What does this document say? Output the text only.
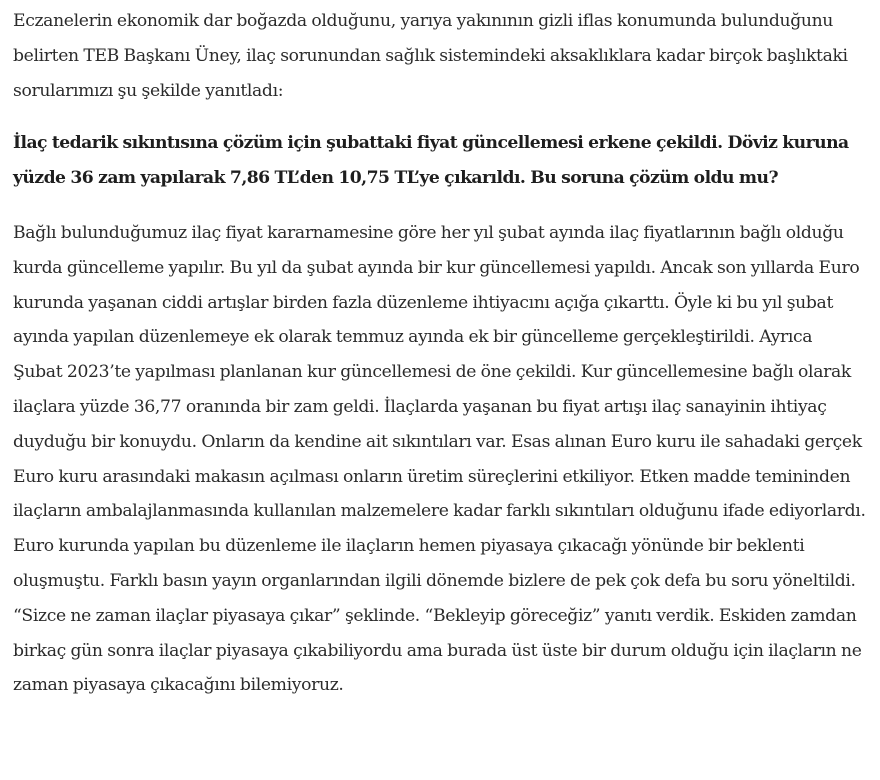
Eczanelerin ekonomik dar boğazda olduğunu, yarıya yakınının gizli iflas konumunda bulunduğunu belirten TEB Başkanı Üney, ilaç sorunundan sağlık sistemindeki aksaklıklara kadar birçok başlıktaki sorularımızı şu şekilde yanıtladı:

İlaç tedarik sıkıntısına çözüm için şubattaki fiyat güncellemesi erkene çekildi. Döviz kuruna yüzde 36 zam yapılarak 7,86 TL’den 10,75 TL’ye çıkarıldı. Bu soruna çözüm oldu mu?

Bağlı bulunduğumuz ilaç fiyat kararnamesine göre her yıl şubat ayında ilaç fiyatlarının bağlı olduğu kurda güncelleme yapılır. Bu yıl da şubat ayında bir kur güncellemesi yapıldı. Ancak son yıllarda Euro kurunda yaşanan ciddi artışlar birden fazla düzenleme ihtiyacını açığa çıkarttı. Öyle ki bu yıl şubat ayında yapılan düzenlemeye ek olarak temmuz ayında ek bir güncelleme gerçekleştirildi. Ayrıca Şubat 2023’te yapılması planlanan kur güncellemesi de öne çekildi. Kur güncellemesine bağlı olarak ilaçlara yüzde 36,77 oranında bir zam geldi. İlaçlarda yaşanan bu fiyat artışı ilaç sanayinin ihtiyaç duyduğu bir konuydu. Onların da kendine ait sıkıntıları var. Esas alınan Euro kuru ile sahadaki gerçek Euro kuru arasındaki makasın açılması onların üretim süreçlerini etkiliyor. Etken madde temininden ilaçların ambalajlanmasında kullanılan malzemelere kadar farklı sıkıntıları olduğunu ifade ediyorlardı. Euro kurunda yapılan bu düzenleme ile ilaçların hemen piyasaya çıkacağı yönünde bir beklenti oluşmuştu. Farklı basın yayın organlarından ilgili dönemde bizlere de pek çok defa bu soru yöneltildi. “Sizce ne zaman ilaçlar piyasaya çıkar” şeklinde. “Bekleyip göreceğiz” yanıtı verdik. Eskiden zamdan birkaç gün sonra ilaçlar piyasaya çıkabiliyordu ama burada üst üste bir durum olduğu için ilaçların ne zaman piyasaya çıkacağını bilemiyoruz.
